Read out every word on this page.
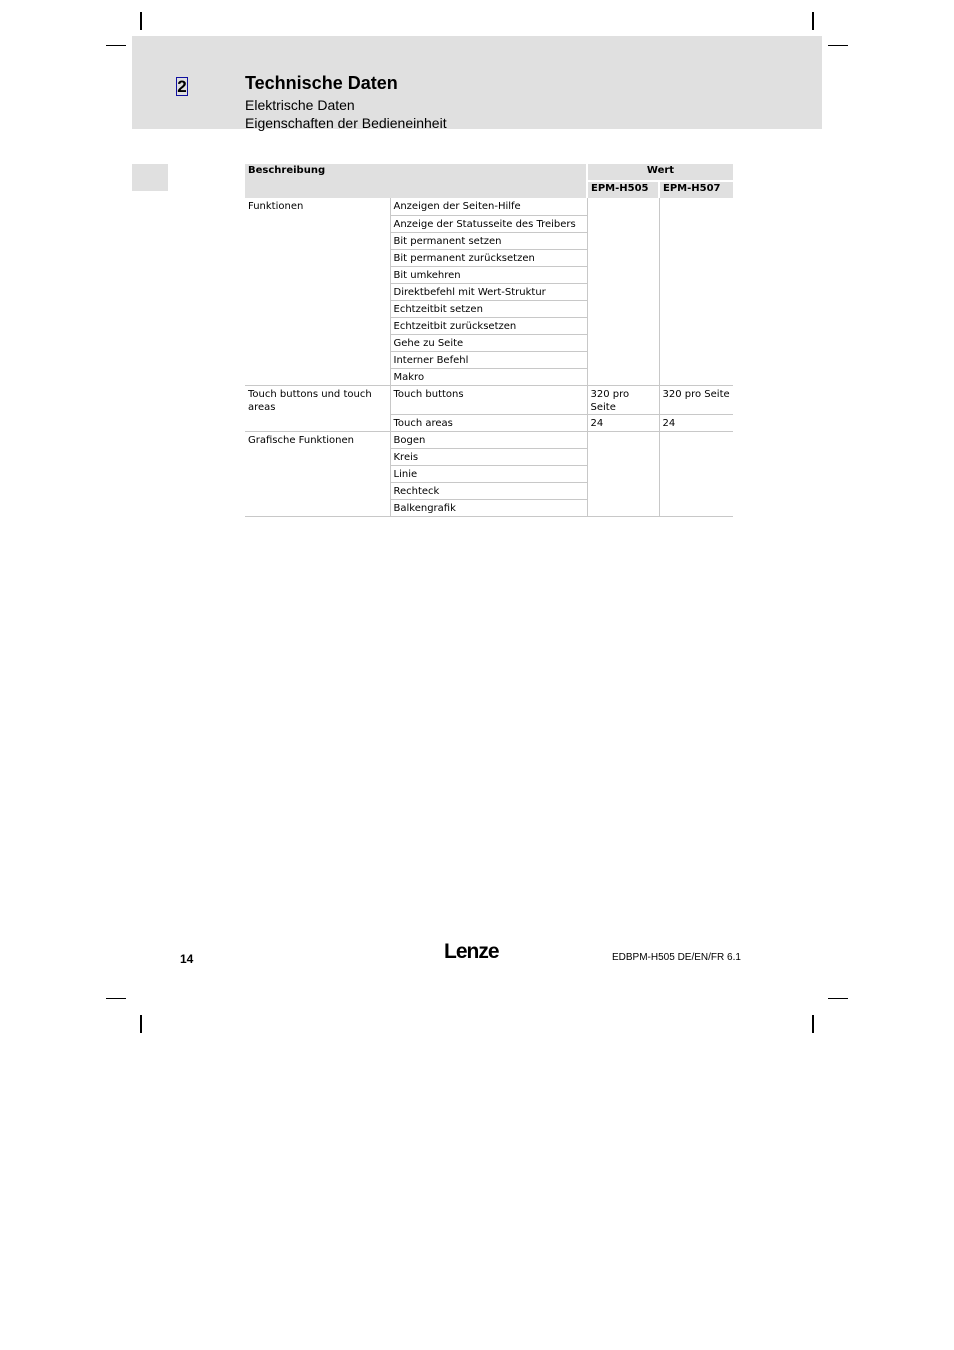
2	Technische Daten
Elektrische Daten
Eigenschaften der Bedieneinheit
Beschreibung		Wert	
		EPM-H505	EPM-H507
Funktionen	Anzeigen der Seiten-Hilfe		
	Anzeige der Statusseite des Treibers		
	Bit permanent setzen		
	Bit permanent zurücksetzen		
	Bit umkehren		
	Direktbefehl mit Wert-Struktur		
	Echtzeitbit setzen		
	Echtzeitbit zurücksetzen		
	Gehe zu Seite		
	Interner Befehl		
	Makro		
Touch buttons und touch areas	Touch buttons	320 pro Seite	320 pro Seite
	Touch areas	24	24
Grafische Funktionen	Bogen		
	Kreis		
	Linie		
	Rechteck		
	Balkengrafik		
14	Lenze	EDBPM-H505 DE/EN/FR 6.1
